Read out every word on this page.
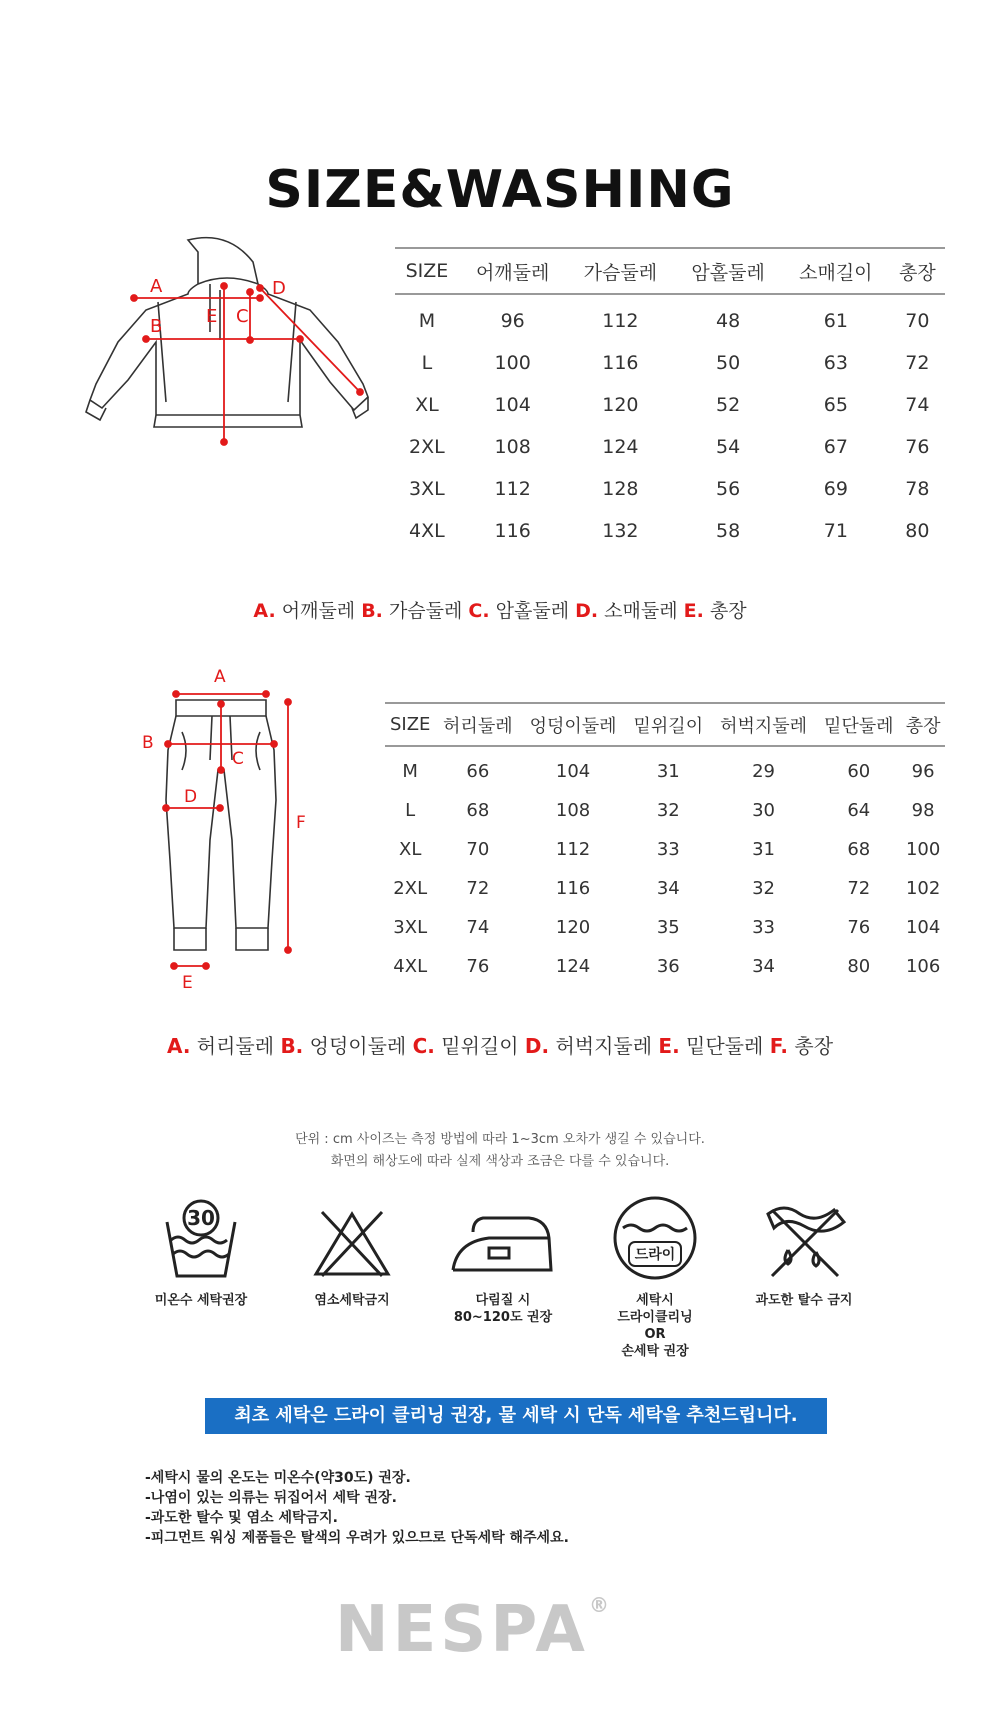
SIZE&WASHING
A
B	C
D
E
SIZE	어깨둘레	가슴둘레	암홀둘레	소매길이	총장
M	96	112	48	61	70
L	100	116	50	63	72
XL	104	120	52	65	74
2XL	108	124	54	67	76
3XL	112	128	56	69	78
4XL	116	132	58	71	80
A. 어깨둘레 B. 가슴둘레 C. 암홀둘레 D. 소매둘레 E. 총장
A
B
C
D
E
F
SIZE	허리둘레	엉덩이둘레	밑위길이	허벅지둘레	밑단둘레	총장
M	66	104	31	29	60	96
L	68	108	32	30	64	98
XL	70	112	33	31	68	100
2XL	72	116	34	32	72	102
3XL	74	120	35	33	76	104
4XL	76	124	36	34	80	106
A. 허리둘레 B. 엉덩이둘레 C. 밑위길이 D. 허벅지둘레 E. 밑단둘레 F. 총장
단위 : cm 사이즈는 측정 방법에 따라 1~3cm 오차가 생길 수 있습니다.
화면의 해상도에 따라 실제 색상과 조금은 다를 수 있습니다.
30
미온수 세탁권장	염소세탁금지	다림질 시
80~120도 권장
드라이
세탁시
드라이클리닝
OR
손세탁 권장
과도한 탈수 금지
최초 세탁은 드라이 클리닝 권장, 물 세탁 시 단독 세탁을 추천드립니다.
-세탁시 물의 온도는 미온수(약30도) 권장.
-나염이 있는 의류는 뒤집어서 세탁 권장.
-과도한 탈수 및 염소 세탁금지.
-피그먼트 워싱 제품들은 탈색의 우려가 있으므로 단독세탁 해주세요.
NESPA®
